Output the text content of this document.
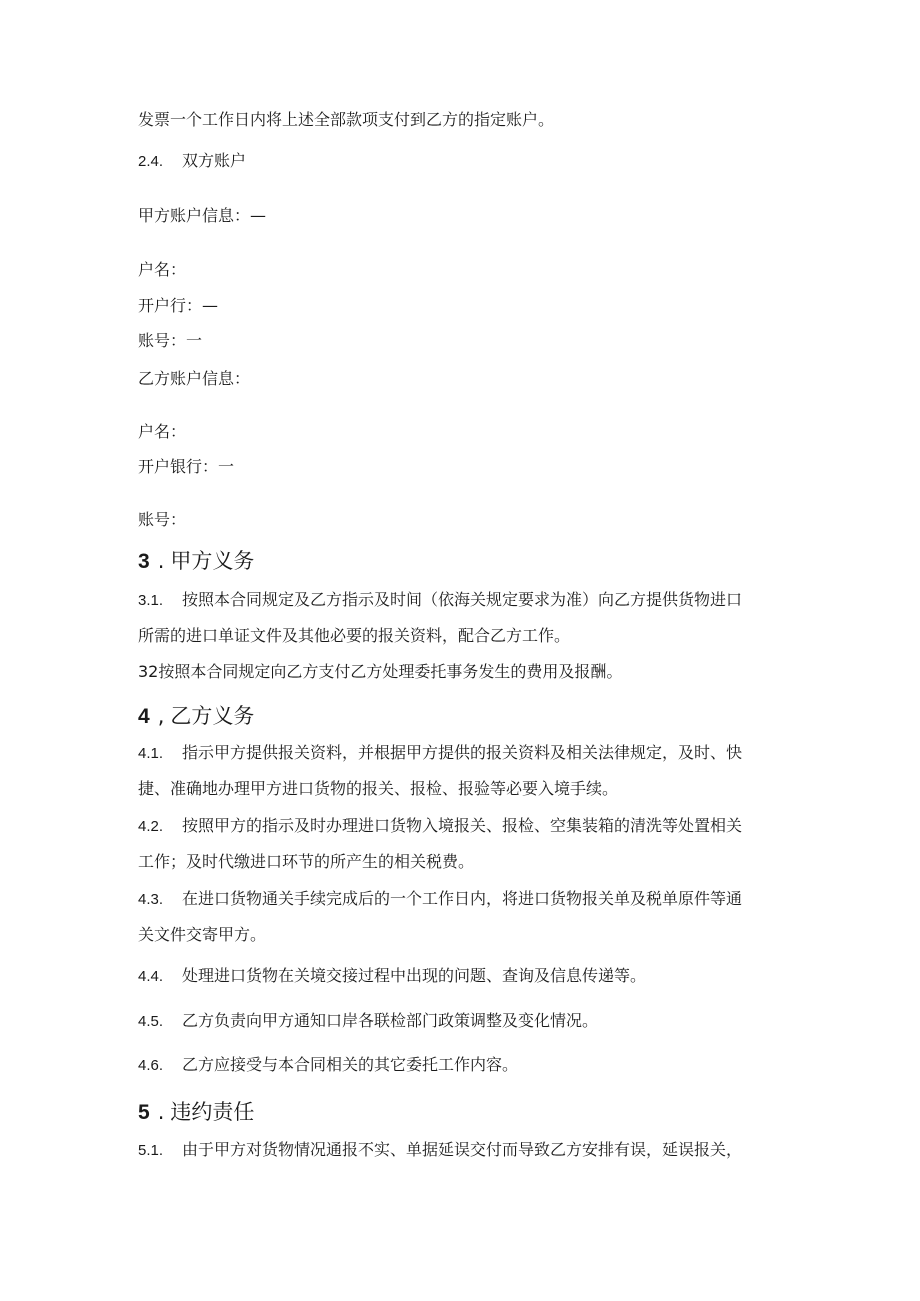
发票一个工作日内将上述全部款项支付到乙方的指定账户。
2.4. 双方账户
甲方账户信息：—
户名：
开户行：—
账号：一
乙方账户信息：
户名：
开户银行：一
账号：
3 . 甲方义务
3.1. 按照本合同规定及乙方指示及时间（依海关规定要求为准）向乙方提供货物进口
所需的进口单证文件及其他必要的报关资料，配合乙方工作。
32按照本合同规定向乙方支付乙方处理委托事务发生的费用及报酬。
4 , 乙方义务
4.1. 指示甲方提供报关资料，并根据甲方提供的报关资料及相关法律规定，及时、快
捷、准确地办理甲方进口货物的报关、报检、报验等必要入境手续。
4.2. 按照甲方的指示及时办理进口货物入境报关、报检、空集装箱的清洗等处置相关
工作；及时代缴进口环节的所产生的相关税费。
4.3. 在进口货物通关手续完成后的一个工作日内，将进口货物报关单及税单原件等通
关文件交寄甲方。
4.4. 处理进口货物在关境交接过程中出现的问题、查询及信息传递等。
4.5. 乙方负责向甲方通知口岸各联检部门政策调整及变化情况。
4.6. 乙方应接受与本合同相关的其它委托工作内容。
5 . 违约责任
5.1. 由于甲方对货物情况通报不实、单据延误交付而导致乙方安排有误，延误报关，
